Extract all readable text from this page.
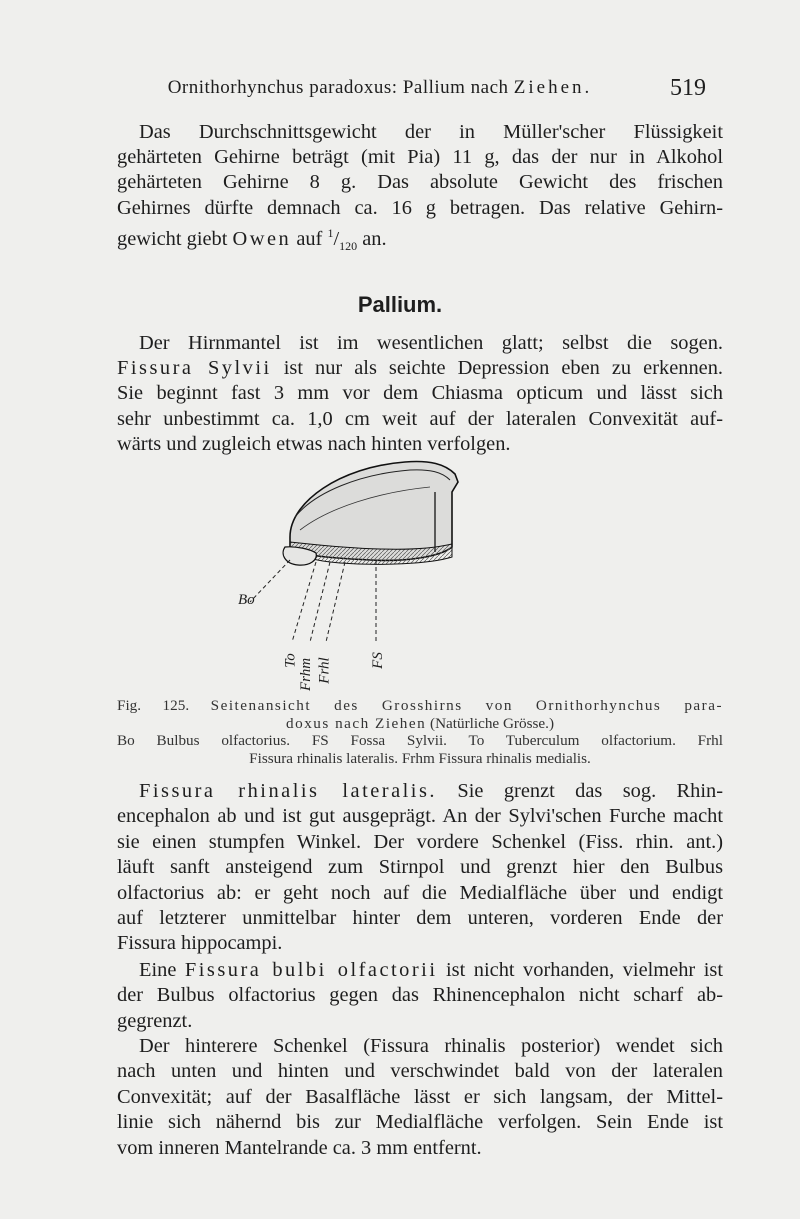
Ornithorhynchus paradoxus: Pallium nach Ziehen.	519
Das Durchschnittsgewicht der in Müller'scher Flüssigkeit
gehärteten Gehirne beträgt (mit Pia) 11 g, das der nur in Alkohol
gehärteten Gehirne 8 g. Das absolute Gewicht des frischen
Gehirnes dürfte demnach ca. 16 g betragen. Das relative Gehirn-
gewicht giebt Owen auf $^1/_{120}$ an.
Pallium.
Der Hirnmantel ist im wesentlichen glatt; selbst die sogen.
Fissura Sylvii ist nur als seichte Depression eben zu erkennen.
Sie beginnt fast 3 mm vor dem Chiasma opticum und lässt sich
sehr unbestimmt ca. 1,0 cm weit auf der lateralen Convexität auf-
wärts und zugleich etwas nach hinten verfolgen.
Bo
To Frhm Frhl FS
Fig. 125. Seitenansicht des Grosshirns von Ornithorhynchus para-
doxus nach Ziehen (Natürliche Grösse.)
Bo Bulbus olfactorius. FS Fossa Sylvii. To Tuberculum olfactorium. Frhl
Fissura rhinalis lateralis. Frhm Fissura rhinalis medialis.
Fissura rhinalis lateralis. Sie grenzt das sog. Rhin-
encephalon ab und ist gut ausgeprägt. An der Sylvi'schen Furche macht
sie einen stumpfen Winkel. Der vordere Schenkel (Fiss. rhin. ant.)
läuft sanft ansteigend zum Stirnpol und grenzt hier den Bulbus
olfactorius ab: er geht noch auf die Medialfläche über und endigt
auf letzterer unmittelbar hinter dem unteren, vorderen Ende der
Fissura hippocampi.
Eine Fissura bulbi olfactorii ist nicht vorhanden, vielmehr ist
der Bulbus olfactorius gegen das Rhinencephalon nicht scharf ab-
gegrenzt.
Der hinterere Schenkel (Fissura rhinalis posterior) wendet sich
nach unten und hinten und verschwindet bald von der lateralen
Convexität; auf der Basalfläche lässt er sich langsam, der Mittel-
linie sich nähernd bis zur Medialfläche verfolgen. Sein Ende ist
vom inneren Mantelrande ca. 3 mm entfernt.
